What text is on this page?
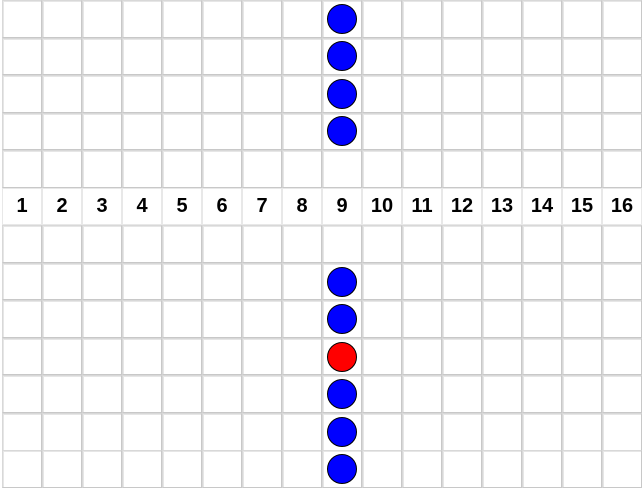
1	2	3	4	5	6	7	8	9	10 11 12 13 14 15 16
